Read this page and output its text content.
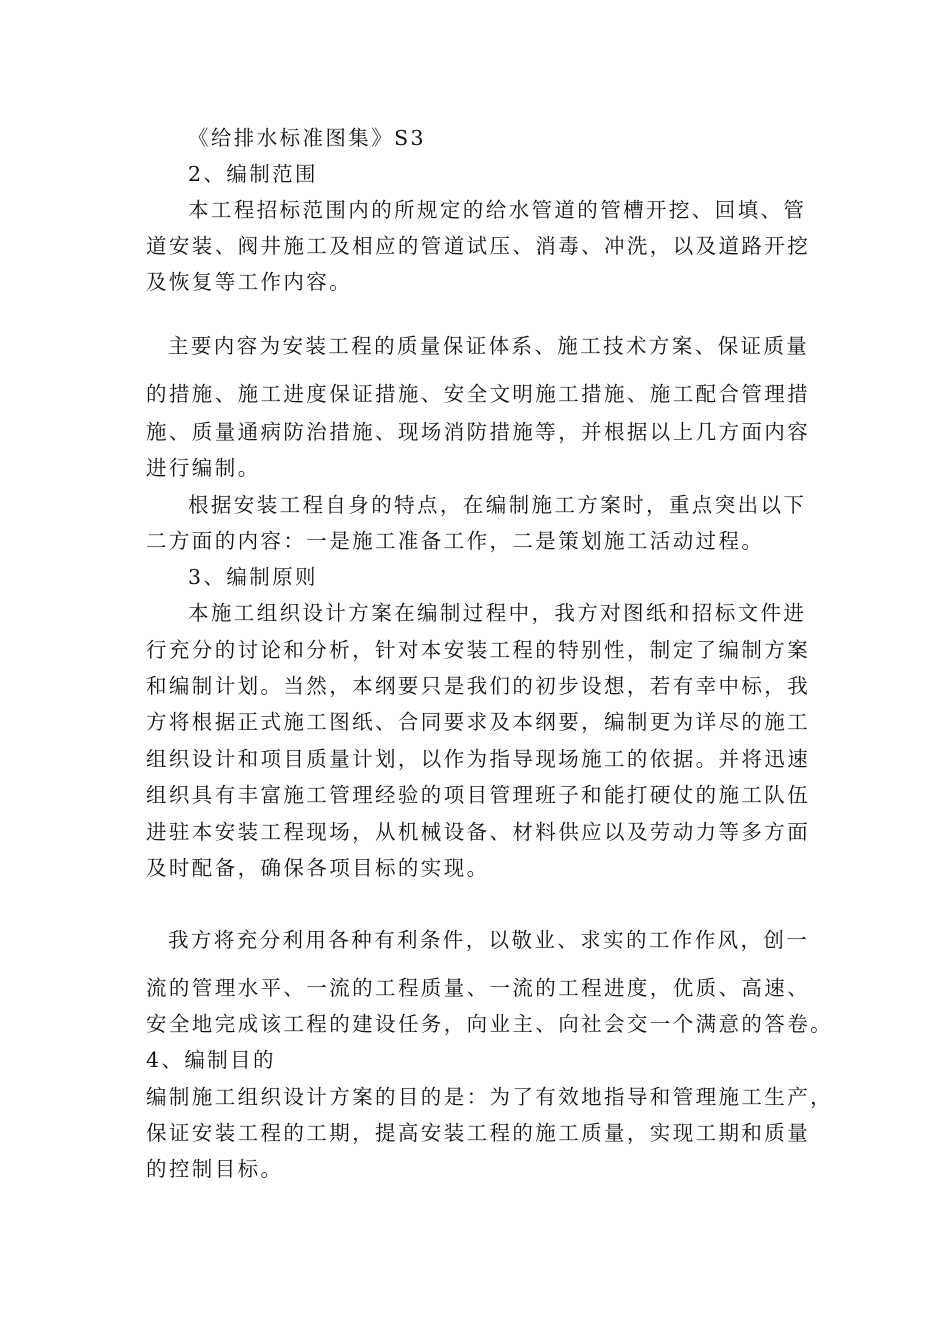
《给排水标准图集》S3
2、编制范围
本工程招标范围内的所规定的给水管道的管槽开挖、回填、管
道安装、阀井施工及相应的管道试压、消毒、冲洗，以及道路开挖
及恢复等工作内容。
主要内容为安装工程的质量保证体系、施工技术方案、保证质量
的措施、施工进度保证措施、安全文明施工措施、施工配合管理措
施、质量通病防治措施、现场消防措施等，并根据以上几方面内容
进行编制。
根据安装工程自身的特点，在编制施工方案时，重点突出以下
二方面的内容：一是施工准备工作，二是策划施工活动过程。
3、编制原则
本施工组织设计方案在编制过程中，我方对图纸和招标文件进
行充分的讨论和分析，针对本安装工程的特别性，制定了编制方案
和编制计划。当然，本纲要只是我们的初步设想，若有幸中标，我
方将根据正式施工图纸、合同要求及本纲要，编制更为详尽的施工
组织设计和项目质量计划，以作为指导现场施工的依据。并将迅速
组织具有丰富施工管理经验的项目管理班子和能打硬仗的施工队伍
进驻本安装工程现场，从机械设备、材料供应以及劳动力等多方面
及时配备，确保各项目标的实现。
我方将充分利用各种有利条件，以敬业、求实的工作作风，创一
流的管理水平、一流的工程质量、一流的工程进度，优质、高速、
安全地完成该工程的建设任务，向业主、向社会交一个满意的答卷。
4、编制目的
编制施工组织设计方案的目的是：为了有效地指导和管理施工生产，
保证安装工程的工期，提高安装工程的施工质量，实现工期和质量
的控制目标。
